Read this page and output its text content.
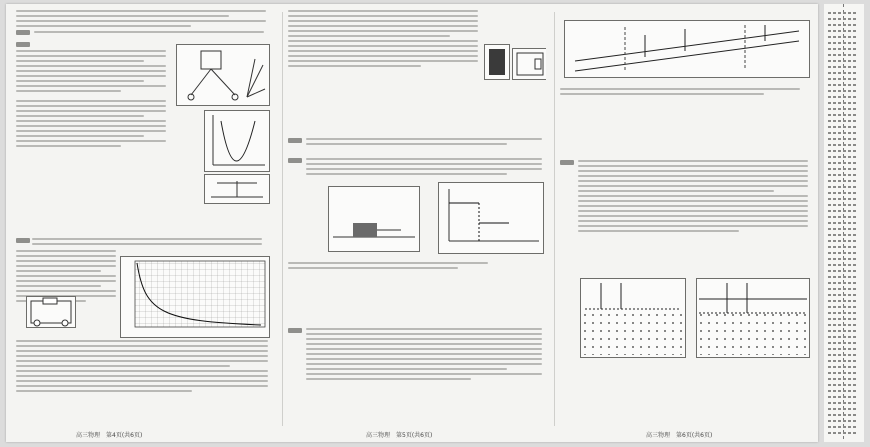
高三物理　第4页(共6页)	高三物理　第5页(共6页)	高三物理　第6页(共6页)
